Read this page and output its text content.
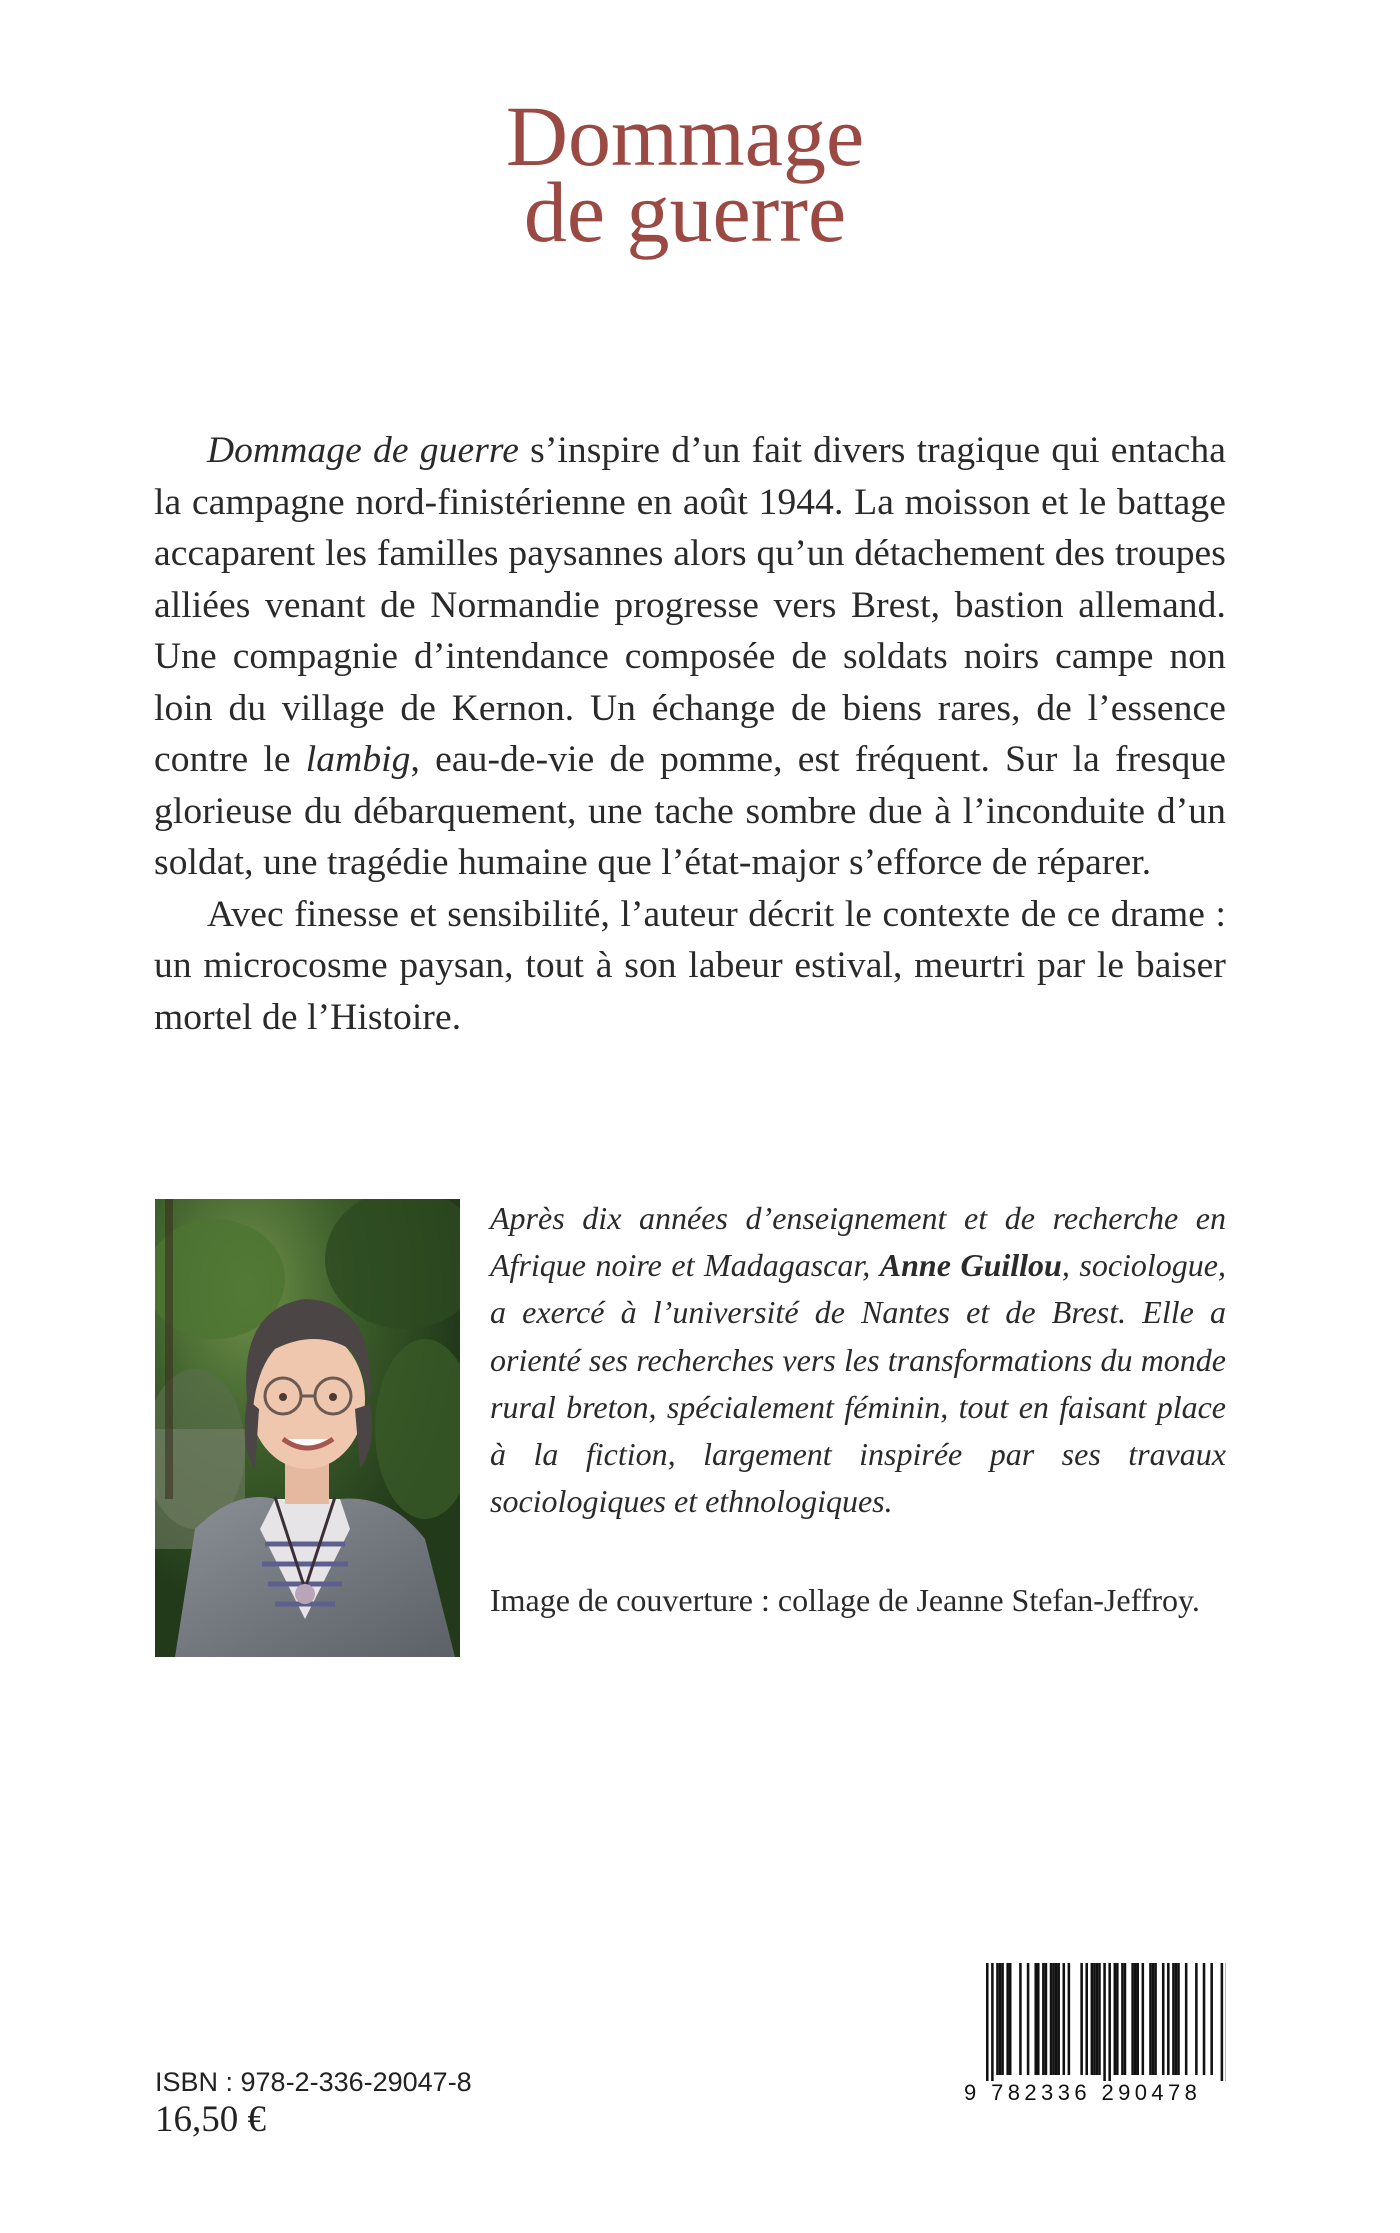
Dommage
de guerre

Dommage de guerre s’inspire d’un fait divers tragique qui entacha la campagne nord-finistérienne en août 1944. La moisson et le battage accaparent les familles paysannes alors qu’un détachement des troupes alliées venant de Normandie progresse vers Brest, bastion allemand. Une compagnie d’intendance composée de soldats noirs campe non loin du village de Kernon. Un échange de biens rares, de l’essence contre le lambig, eau-de-vie de pomme, est fréquent. Sur la fresque glorieuse du débarquement, une tache sombre due à l’inconduite d’un soldat, une tragédie humaine que l’état-major s’efforce de réparer.

Avec finesse et sensibilité, l’auteur décrit le contexte de ce drame : un microcosme paysan, tout à son labeur estival, meurtri par le baiser mortel de l’Histoire.

Après dix années d’enseignement et de recherche en Afrique noire et Madagascar, Anne Guillou, sociologue, a exercé à l’université de Nantes et de Brest. Elle a orienté ses recherches vers les transformations du monde rural breton, spécialement féminin, tout en faisant place à la fiction, largement inspirée par ses travaux sociologiques et ethnologiques.

Image de couverture : collage de Jeanne Stefan-Jeffroy.

ISBN : 978-2-336-29047-8
16,50 €
9 782336 290478
